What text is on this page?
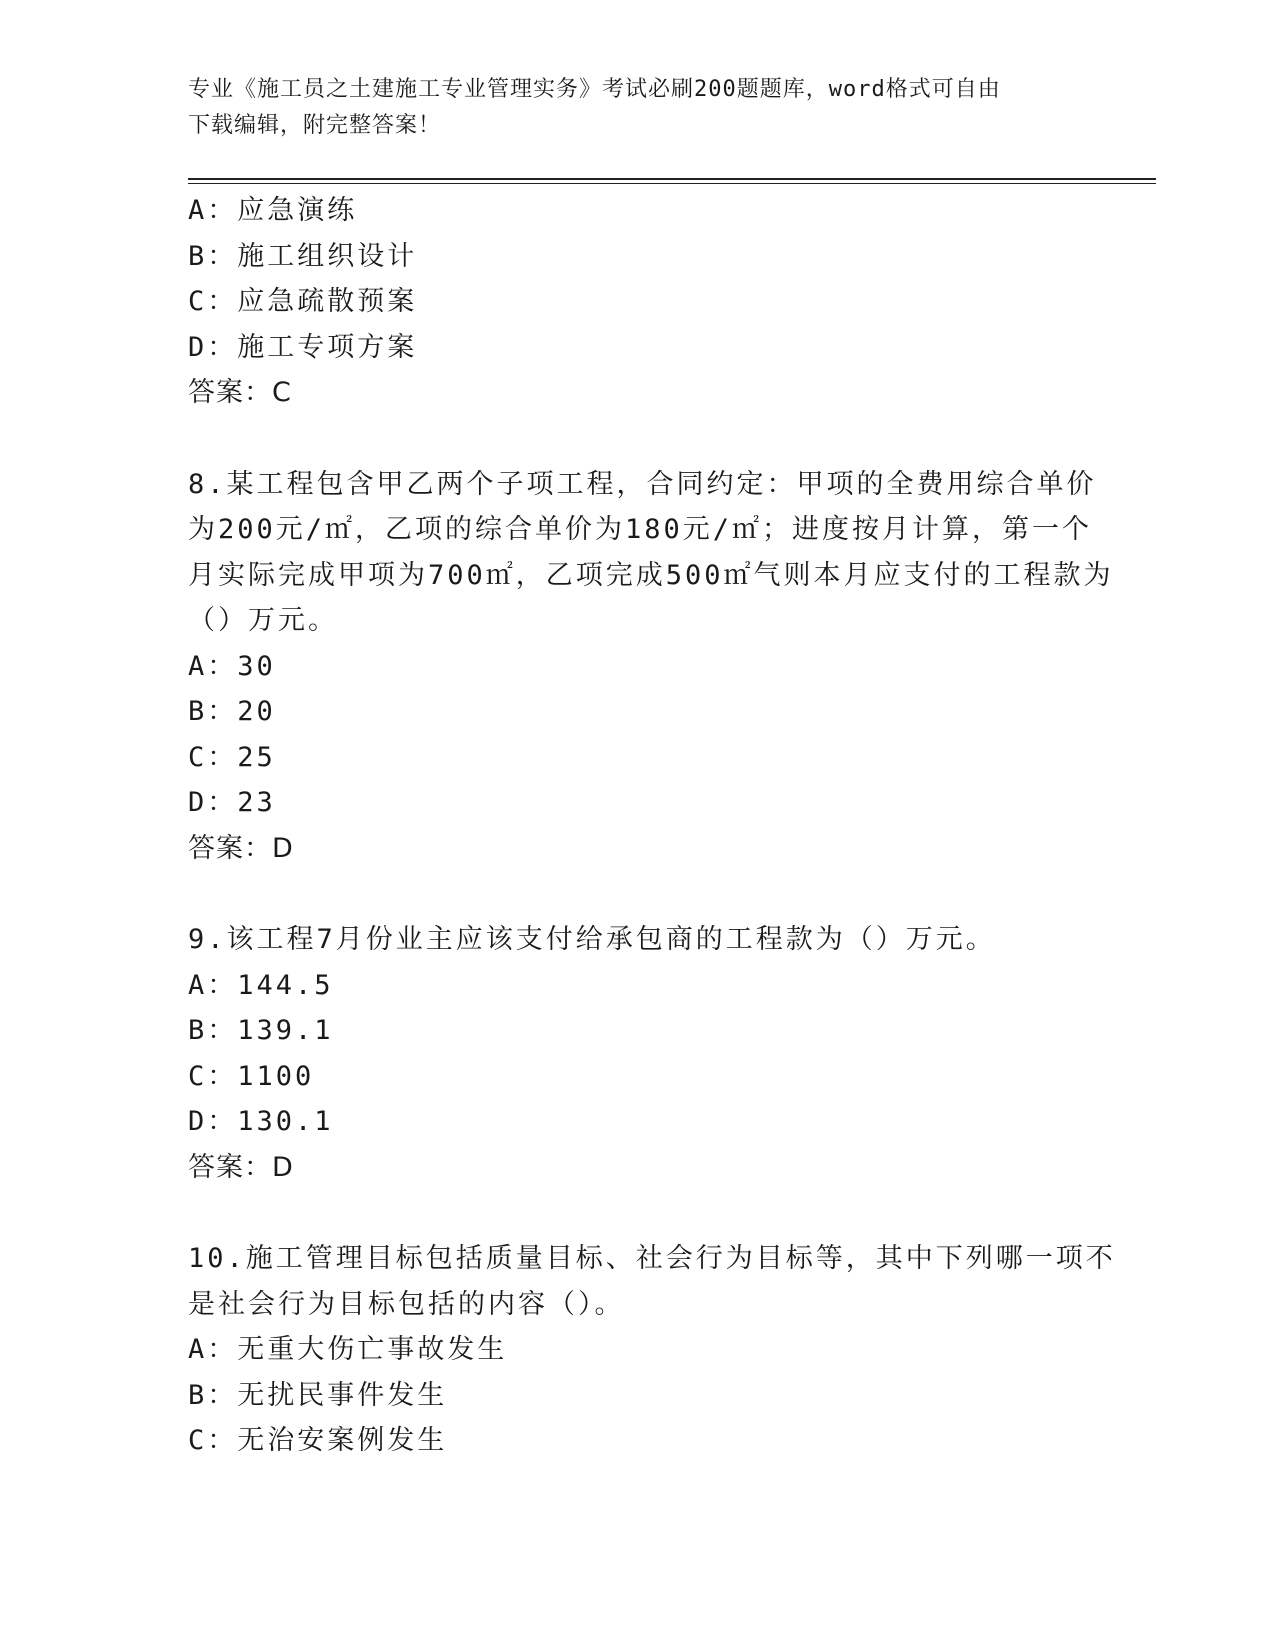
专业《施工员之土建施工专业管理实务》考试必刷200题题库，word格式可自由
下载编辑，附完整答案！
A：应急演练
B：施工组织设计
C：应急疏散预案
D：施工专项方案
答案：C
8.某工程包含甲乙两个子项工程，合同约定：甲项的全费用综合单价
为200元/㎡，乙项的综合单价为180元/㎡；进度按月计算，第一个
月实际完成甲项为700㎡，乙项完成500㎡气则本月应支付的工程款为
（）万元。
A：30
B：20
C：25
D：23
答案：D
9.该工程7月份业主应该支付给承包商的工程款为（）万元。
A：144.5
B：139.1
C：1100
D：130.1
答案：D
10.施工管理目标包括质量目标、社会行为目标等，其中下列哪一项不
是社会行为目标包括的内容（）。
A：无重大伤亡事故发生
B：无扰民事件发生
C：无治安案例发生
